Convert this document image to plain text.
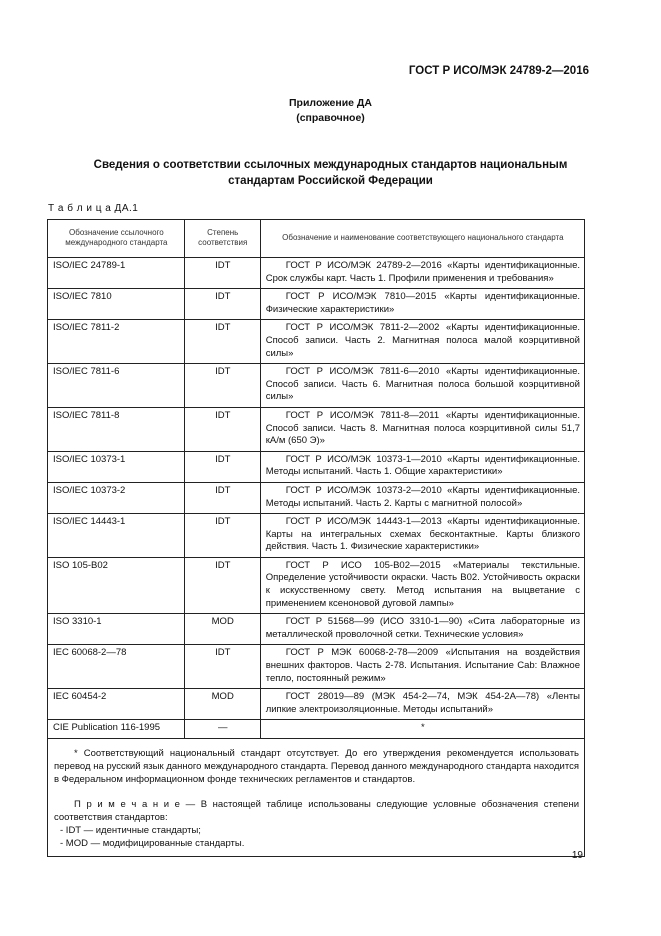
ГОСТ Р ИСО/МЭК 24789-2—2016
Приложение ДА
(справочное)
Сведения о соответствии ссылочных международных стандартов национальным стандартам Российской Федерации
Т а б л и ц а ДА.1
Обозначение ссылочного международного стандарта	Степень соответствия	Обозначение и наименование соответствующего национального стандарта
ISO/IEC 24789-1	IDT	ГОСТ Р ИСО/МЭК 24789-2—2016 «Карты идентификационные. Срок службы карт. Часть 1. Профили применения и требования»

ISO/IEC 7810	IDT	ГОСТ Р ИСО/МЭК 7810—2015 «Карты идентификационные. Физические характеристики»

ISO/IEC 7811-2	IDT	ГОСТ Р ИСО/МЭК 7811-2—2002 «Карты идентификационные. Способ записи. Часть 2. Магнитная полоса малой коэрцитивной силы»

ISO/IEC 7811-6	IDT	ГОСТ Р ИСО/МЭК 7811-6—2010 «Карты идентификационные. Способ записи. Часть 6. Магнитная полоса большой коэрцитивной силы»

ISO/IEC 7811-8	IDT	ГОСТ Р ИСО/МЭК 7811-8—2011 «Карты идентификационные. Способ записи. Часть 8. Магнитная полоса коэрцитивной силы 51,7 кА/м (650 Э)»

ISO/IEC 10373-1	IDT	ГОСТ Р ИСО/МЭК 10373-1—2010 «Карты идентификационные. Методы испытаний. Часть 1. Общие характеристики»

ISO/IEC 10373-2	IDT	ГОСТ Р ИСО/МЭК 10373-2—2010 «Карты идентификационные. Методы испытаний. Часть 2. Карты с магнитной полосой»

ISO/IEC 14443-1	IDT	ГОСТ Р ИСО/МЭК 14443-1—2013 «Карты идентификационные. Карты на интегральных схемах бесконтактные. Карты близкого действия. Часть 1. Физические характеристики»

ISO 105-B02	IDT	ГОСТ Р ИСО 105-В02—2015 «Материалы текстильные. Определение устойчивости окраски. Часть В02. Устойчивость окраски к искусственному свету. Метод испытания на выцветание с применением ксеноновой дуговой лампы»

ISO 3310-1	MOD	ГОСТ Р 51568—99 (ИСО 3310-1—90) «Сита лабораторные из металлической проволочной сетки. Технические условия»

IEC 60068-2—78	IDT	ГОСТ Р МЭК 60068-2-78—2009 «Испытания на воздействия внешних факторов. Часть 2-78. Испытания. Испытание Cab: Влажное тепло, постоянный режим»

IEC 60454-2	MOD	ГОСТ 28019—89 (МЭК 454-2—74, МЭК 454-2А—78) «Ленты липкие электроизоляционные. Методы испытаний»

CIE Publication 116-1995	—	*

* Соответствующий национальный стандарт отсутствует. До его утверждения рекомендуется использовать перевод на русский язык данного международного стандарта. Перевод данного международного стандарта находится в Федеральном информационном фонде технических регламентов и стандартов.

П р и м е ч а н и е — В настоящей таблице использованы следующие условные обозначения степени соответствия стандартов:

- IDT — идентичные стандарты;
- MOD — модифицированные стандарты.		
19
